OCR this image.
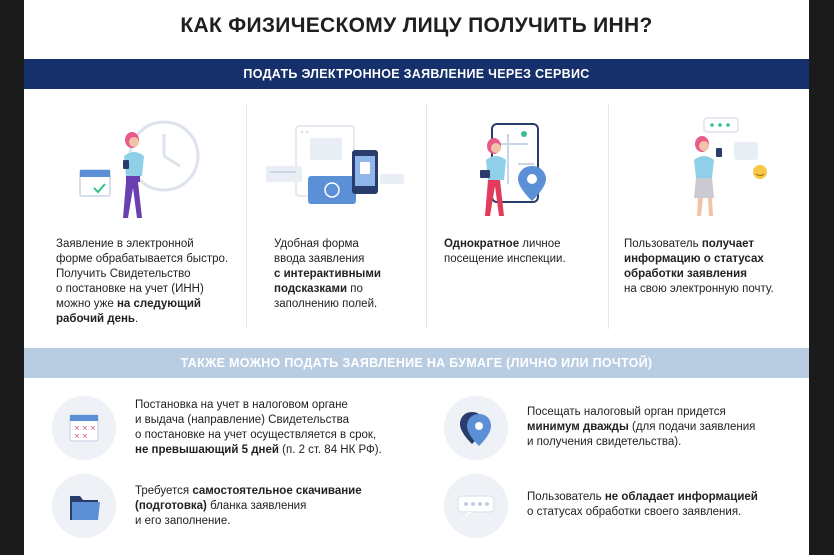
КАК ФИЗИЧЕСКОМУ ЛИЦУ ПОЛУЧИТЬ ИНН?
ПОДАТЬ ЭЛЕКТРОННОЕ ЗАЯВЛЕНИЕ ЧЕРЕЗ СЕРВИС
Заявление в электронной
форме обрабатывается быстро.
Получить Свидетельство
о постановке на учет (ИНН)
можно уже на следующий
рабочий день.
Удобная форма
ввода заявления
с интерактивными
подсказками по
заполнению полей.
Однократное личное
посещение инспекции.
Пользователь получает
информацию о статусах
обработки заявления
на свою электронную почту.
ТАКЖЕ МОЖНО ПОДАТЬ ЗАЯВЛЕНИЕ НА БУМАГЕ (ЛИЧНО ИЛИ ПОЧТОЙ)
× × ×
× ×
Постановка на учет в налоговом органе
и выдача (направление) Свидетельства
о постановке на учет осуществляется в срок,
не превышающий 5 дней (п. 2 ст. 84 НК РФ).
Посещать налоговый орган придется
минимум дважды (для подачи заявления
и получения свидетельства).
Требуется самостоятельное скачивание
(подготовка) бланка заявления
и его заполнение.
Пользователь не обладает информацией
о статусах обработки своего заявления.
